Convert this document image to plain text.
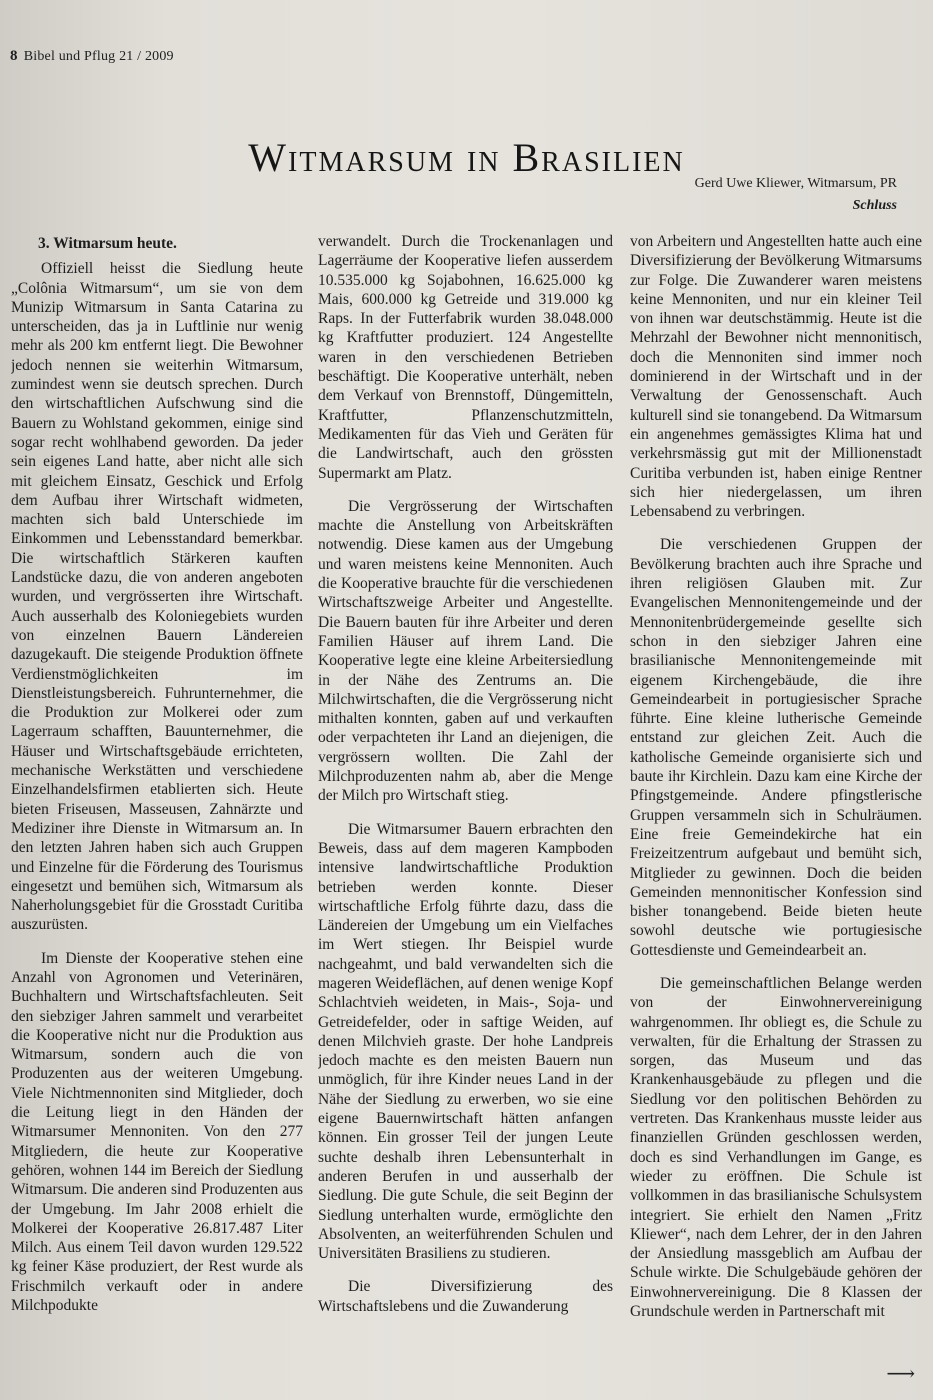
8 Bibel und Pflug 21 / 2009
Witmarsum in Brasilien
Gerd Uwe Kliewer, Witmarsum, PR
Schluss
3. Witmarsum heute.

Offiziell heisst die Siedlung heute „Colônia Witmarsum“, um sie von dem Munizip Witmarsum in Santa Catarina zu unterscheiden, das ja in Luftlinie nur wenig mehr als 200 km entfernt liegt. Die Bewohner jedoch nennen sie weiterhin Witmarsum, zumindest wenn sie deutsch sprechen. Durch den wirtschaftlichen Aufschwung sind die Bauern zu Wohlstand gekommen, einige sind sogar recht wohlhabend geworden. Da jeder sein eigenes Land hatte, aber nicht alle sich mit gleichem Einsatz, Geschick und Erfolg dem Aufbau ihrer Wirtschaft widmeten, machten sich bald Unterschiede im Einkommen und Lebensstandard bemerkbar. Die wirtschaftlich Stärkeren kauften Landstücke dazu, die von anderen angeboten wurden, und vergrösserten ihre Wirtschaft. Auch ausserhalb des Koloniegebiets wurden von einzelnen Bauern Ländereien dazugekauft. Die steigende Produktion öffnete Verdienstmöglichkeiten im Dienstleistungsbereich. Fuhrunternehmer, die die Produktion zur Molkerei oder zum Lagerraum schafften, Bauunternehmer, die Häuser und Wirtschaftsgebäude errichteten, mechanische Werkstätten und verschiedene Einzelhandelsfirmen etablierten sich. Heute bieten Friseusen, Masseusen, Zahnärzte und Mediziner ihre Dienste in Witmarsum an. In den letzten Jahren haben sich auch Gruppen und Einzelne für die Förderung des Tourismus eingesetzt und bemühen sich, Witmarsum als Naherholungsgebiet für die Grosstadt Curitiba auszurüsten.

Im Dienste der Kooperative stehen eine Anzahl von Agronomen und Veterinären, Buchhaltern und Wirtschaftsfachleuten. Seit den siebziger Jahren sammelt und verarbeitet die Kooperative nicht nur die Produktion aus Witmarsum, sondern auch die von Produzenten aus der weiteren Umgebung. Viele Nichtmennoniten sind Mitglieder, doch die Leitung liegt in den Händen der Witmarsumer Mennoniten. Von den 277 Mitgliedern, die heute zur Kooperative gehören, wohnen 144 im Bereich der Siedlung Witmarsum. Die anderen sind Produzenten aus der Umgebung. Im Jahr 2008 erhielt die Molkerei der Kooperative 26.817.487 Liter Milch. Aus einem Teil davon wurden 129.522 kg feiner Käse produziert, der Rest wurde als Frischmilch verkauft oder in andere Milchpodukte

verwandelt. Durch die Trockenanlagen und Lagerräume der Kooperative liefen ausserdem 10.535.000 kg Sojabohnen, 16.625.000 kg Mais, 600.000 kg Getreide und 319.000 kg Raps. In der Futterfabrik wurden 38.048.000 kg Kraftfutter produziert. 124 Angestellte waren in den verschiedenen Betrieben beschäftigt. Die Kooperative unterhält, neben dem Verkauf von Brennstoff, Düngemitteln, Kraftfutter, Pflanzenschutzmitteln, Medikamenten für das Vieh und Geräten für die Landwirtschaft, auch den grössten Supermarkt am Platz.

Die Vergrösserung der Wirtschaften machte die Anstellung von Arbeitskräften notwendig. Diese kamen aus der Umgebung und waren meistens keine Mennoniten. Auch die Kooperative brauchte für die verschiedenen Wirtschaftszweige Arbeiter und Angestellte. Die Bauern bauten für ihre Arbeiter und deren Familien Häuser auf ihrem Land. Die Kooperative legte eine kleine Arbeitersiedlung in der Nähe des Zentrums an. Die Milchwirtschaften, die die Vergrösserung nicht mithalten konnten, gaben auf und verkauften oder verpachteten ihr Land an diejenigen, die vergrössern wollten. Die Zahl der Milchproduzenten nahm ab, aber die Menge der Milch pro Wirtschaft stieg.

Die Witmarsumer Bauern erbrachten den Beweis, dass auf dem mageren Kampboden intensive landwirtschaftliche Produktion betrieben werden konnte. Dieser wirtschaftliche Erfolg führte dazu, dass die Ländereien der Umgebung um ein Vielfaches im Wert stiegen. Ihr Beispiel wurde nachgeahmt, und bald verwandelten sich die mageren Weideflächen, auf denen wenige Kopf Schlachtvieh weideten, in Mais-, Soja- und Getreidefelder, oder in saftige Weiden, auf denen Milchvieh graste. Der hohe Landpreis jedoch machte es den meisten Bauern nun unmöglich, für ihre Kinder neues Land in der Nähe der Siedlung zu erwerben, wo sie eine eigene Bauernwirtschaft hätten anfangen können. Ein grosser Teil der jungen Leute suchte deshalb ihren Lebensunterhalt in anderen Berufen in und ausserhalb der Siedlung. Die gute Schule, die seit Beginn der Siedlung unterhalten wurde, ermöglichte den Absolventen, an weiterführenden Schulen und Universitäten Brasiliens zu studieren.

Die Diversifizierung des Wirtschaftslebens und die Zuwanderung

von Arbeitern und Angestellten hatte auch eine Diversifizierung der Bevölkerung Witmarsums zur Folge. Die Zuwanderer waren meistens keine Mennoniten, und nur ein kleiner Teil von ihnen war deutschstämmig. Heute ist die Mehrzahl der Bewohner nicht mennonitisch, doch die Mennoniten sind immer noch dominierend in der Wirtschaft und in der Verwaltung der Genossenschaft. Auch kulturell sind sie tonangebend. Da Witmarsum ein angenehmes gemässigtes Klima hat und verkehrsmässig gut mit der Millionenstadt Curitiba verbunden ist, haben einige Rentner sich hier niedergelassen, um ihren Lebensabend zu verbringen.

Die verschiedenen Gruppen der Bevölkerung brachten auch ihre Sprache und ihren religiösen Glauben mit. Zur Evangelischen Mennonitengemeinde und der Mennonitenbrüdergemeinde gesellte sich schon in den siebziger Jahren eine brasilianische Mennonitengemeinde mit eigenem Kirchengebäude, die ihre Gemeindearbeit in portugiesischer Sprache führte. Eine kleine lutherische Gemeinde entstand zur gleichen Zeit. Auch die katholische Gemeinde organisierte sich und baute ihr Kirchlein. Dazu kam eine Kirche der Pfingstgemeinde. Andere pfingstlerische Gruppen versammeln sich in Schulräumen. Eine freie Gemeindekirche hat ein Freizeitzentrum aufgebaut und bemüht sich, Mitglieder zu gewinnen. Doch die beiden Gemeinden mennonitischer Konfession sind bisher tonangebend. Beide bieten heute sowohl deutsche wie portugiesische Gottesdienste und Gemeindearbeit an.

Die gemeinschaftlichen Belange werden von der Einwohnervereinigung wahrgenommen. Ihr obliegt es, die Schule zu verwalten, für die Erhaltung der Strassen zu sorgen, das Museum und das Krankenhausgebäude zu pflegen und die Siedlung vor den politischen Behörden zu vertreten. Das Krankenhaus musste leider aus finanziellen Gründen geschlossen werden, doch es sind Verhandlungen im Gange, es wieder zu eröffnen. Die Schule ist vollkommen in das brasilianische Schulsystem integriert. Sie erhielt den Namen „Fritz Kliewer“, nach dem Lehrer, der in den Jahren der Ansiedlung massgeblich am Aufbau der Schule wirkte. Die Schulgebäude gehören der Einwohnervereinigung. Die 8 Klassen der Grundschule werden in Partnerschaft mit

⟶
